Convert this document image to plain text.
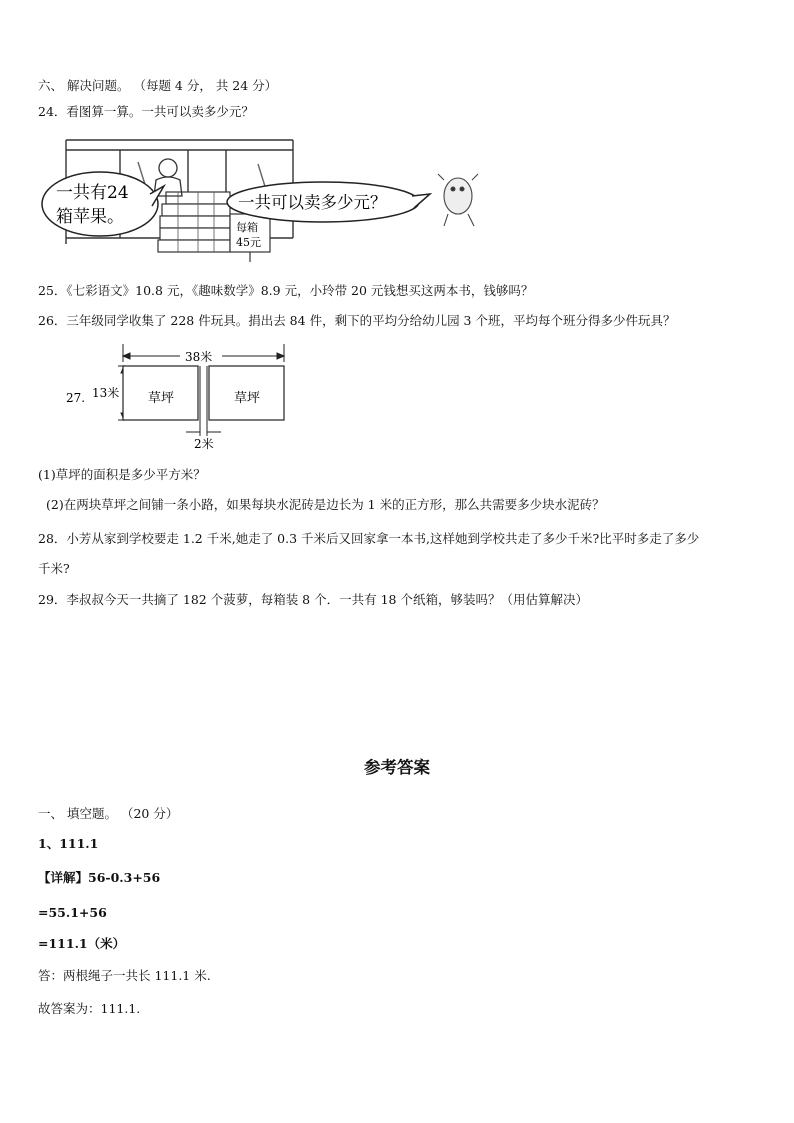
六、 解决问题。 （每题 4 分， 共 24 分）
24．看图算一算。一共可以卖多少元？
每箱
45元
一共有24
箱苹果。
一共可以卖多少元？
25．《七彩语文》10.8 元，《趣味数学》8.9 元，小玲带 20 元钱想买这两本书，钱够吗？
26．三年级同学收集了 228 件玩具。捐出去 84 件，剩下的平均分给幼儿园 3 个班，平均每个班分得多少件玩具？
27.
38米
13米 草坪	草坪
2米
(1)草坪的面积是多少平方米？
(2)在两块草坪之间铺一条小路，如果每块水泥砖是边长为 1 米的正方形，那么共需要多少块水泥砖？
28．小芳从家到学校要走 1.2 千米,她走了 0.3 千米后又回家拿一本书,这样她到学校共走了多少千米?比平时多走了多少
千米?
29．李叔叔今天一共摘了 182 个菠萝，每箱装 8 个．一共有 18 个纸箱，够装吗？（用估算解决）
参考答案
一、 填空题。 （20 分）
1、111.1
【详解】56-0.3+56
=55.1+56
=111.1（米）
答：两根绳子一共长 111.1 米.
故答案为：111.1.
